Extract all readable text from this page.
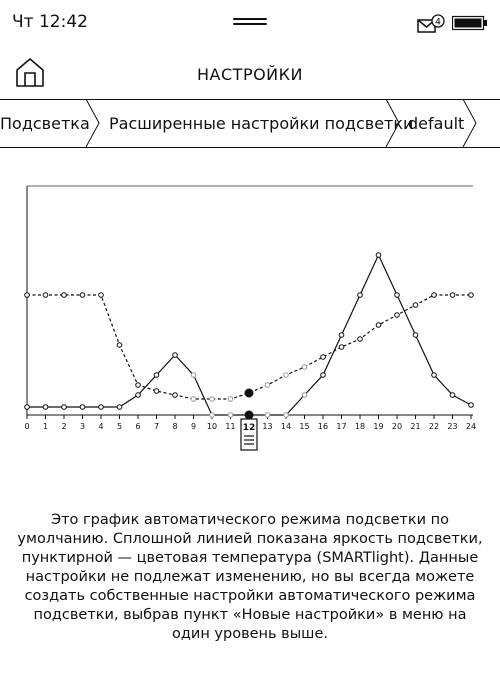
Чт 12:42	4
НАСТРОЙКИ
Подсветка Расширенные настройки подсветки
default
0 1 2 3 4 5 6 7 8 9 10 11	13 14 15 16 17 18 19 20 21 22 23 24
12
Это график автоматического режима подсветки по умолчанию. Сплошной линией показана яркость подсветки, пунктирной — цветовая температура (SMARTlight). Данные настройки не подлежат изменению, но вы всегда можете создать собственные настройки автоматического режима подсветки, выбрав пункт «Новые настройки» в меню на один уровень выше.
